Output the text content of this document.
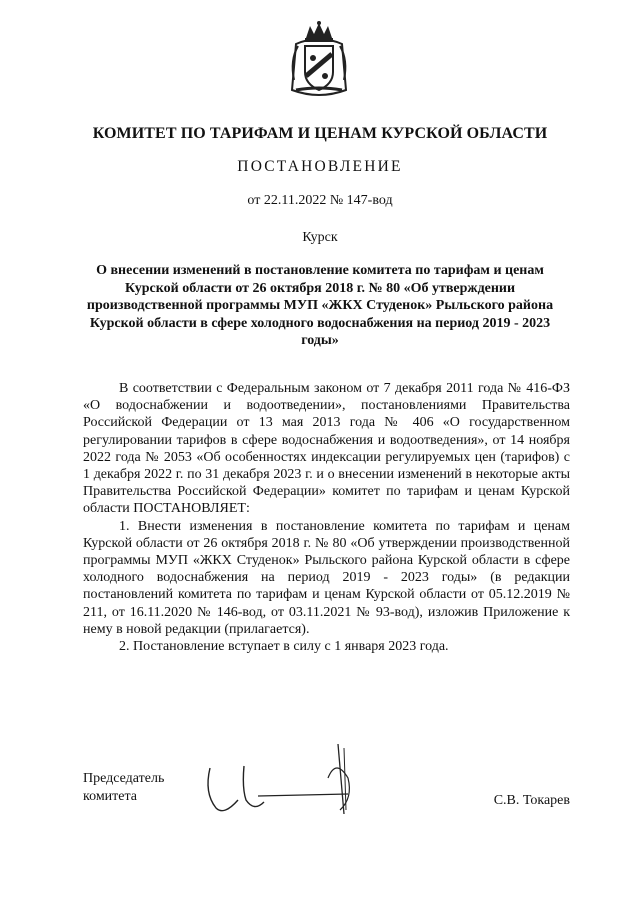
КОМИТЕТ ПО ТАРИФАМ И ЦЕНАМ КУРСКОЙ ОБЛАСТИ
ПОСТАНОВЛЕНИЕ
от 22.11.2022 № 147-вод
Курск
О внесении изменений в постановление комитета по тарифам и ценам Курской области от 26 октября 2018 г. № 80 «Об утверждении производственной программы МУП «ЖКХ Студенок» Рыльского района Курской области в сфере холодного водоснабжения на период 2019 - 2023 годы»

В соответствии с Федеральным законом от 7 декабря 2011 года № 416-ФЗ «О водоснабжении и водоотведении», постановлениями Правительства Российской Федерации от 13 мая 2013 года № 406 «О государственном регулировании тарифов в сфере водоснабжения и водоотведения», от 14 ноября 2022 года № 2053 «Об особенностях индексации регулируемых цен (тарифов) с 1 декабря 2022 г. по 31 декабря 2023 г. и о внесении изменений в некоторые акты Правительства Российской Федерации» комитет по тарифам и ценам Курской области ПОСТАНОВЛЯЕТ:

1. Внести изменения в постановление комитета по тарифам и ценам Курской области от 26 октября 2018 г. № 80 «Об утверждении производственной программы МУП «ЖКХ Студенок» Рыльского района Курской области в сфере холодного водоснабжения на период 2019 - 2023 годы» (в редакции постановлений комитета по тарифам и ценам Курской области от 05.12.2019 № 211, от 16.11.2020 № 146-вод, от 03.11.2021 № 93-вод), изложив Приложение к нему в новой редакции (прилагается).

2. Постановление вступает в силу с 1 января 2023 года.

Председатель
комитета	С.В. Токарев
